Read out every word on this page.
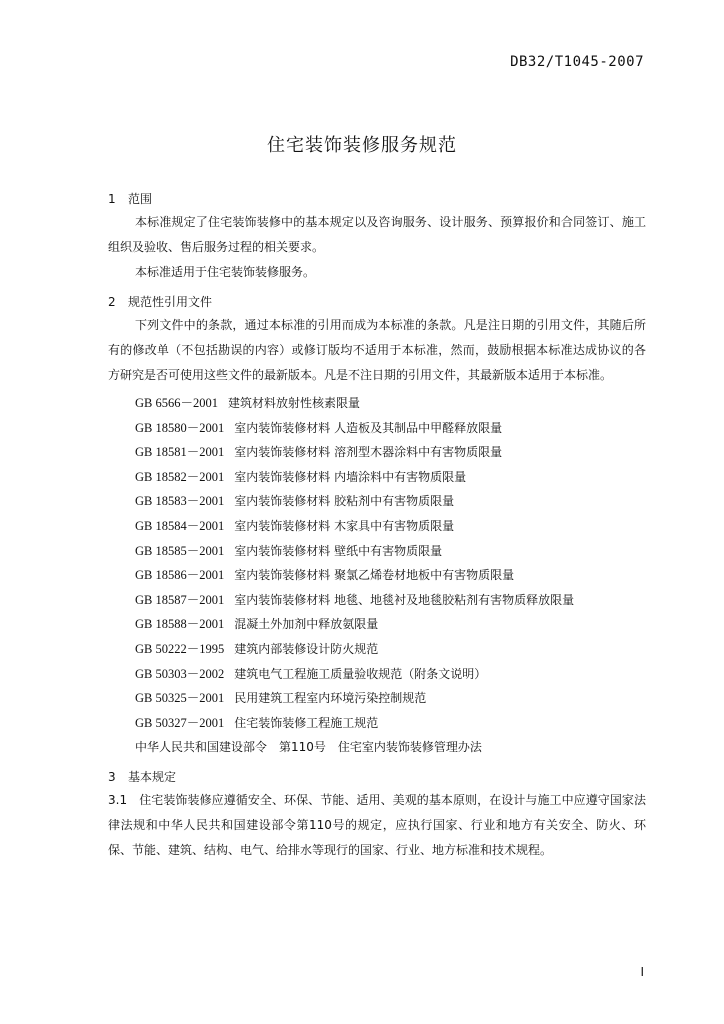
DB32/T1045-2007
住宅装饰装修服务规范

1 范围

本标准规定了住宅装饰装修中的基本规定以及咨询服务、设计服务、预算报价和合同签订、施工组织及验收、售后服务过程的相关要求。

本标准适用于住宅装饰装修服务。

2 规范性引用文件

下列文件中的条款，通过本标准的引用而成为本标准的条款。凡是注日期的引用文件，其随后所有的修改单（不包括勘误的内容）或修订版均不适用于本标准，然而，鼓励根据本标准达成协议的各方研究是否可使用这些文件的最新版本。凡是不注日期的引用文件，其最新版本适用于本标准。

GB 6566－2001 建筑材料放射性核素限量

GB 18580－2001 室内装饰装修材料 人造板及其制品中甲醛释放限量

GB 18581－2001 室内装饰装修材料 溶剂型木器涂料中有害物质限量

GB 18582－2001 室内装饰装修材料 内墙涂料中有害物质限量

GB 18583－2001 室内装饰装修材料 胶粘剂中有害物质限量

GB 18584－2001 室内装饰装修材料 木家具中有害物质限量

GB 18585－2001 室内装饰装修材料 壁纸中有害物质限量

GB 18586－2001 室内装饰装修材料 聚氯乙烯卷材地板中有害物质限量

GB 18587－2001 室内装饰装修材料 地毯、地毯衬及地毯胶粘剂有害物质释放限量

GB 18588－2001 混凝土外加剂中释放氨限量

GB 50222－1995 建筑内部装修设计防火规范

GB 50303－2002 建筑电气工程施工质量验收规范（附条文说明）

GB 50325－2001 民用建筑工程室内环境污染控制规范

GB 50327－2001 住宅装饰装修工程施工规范

中华人民共和国建设部令　第110号　住宅室内装饰装修管理办法

3 基本规定

3.1　 住宅装饰装修应遵循安全、环保、节能、适用、美观的基本原则，在设计与施工中应遵守国家法律法规和中华人民共和国建设部令第110号的规定，应执行国家、行业和地方有关安全、防火、环保、节能、建筑、结构、电气、给排水等现行的国家、行业、地方标准和技术规程。

I
